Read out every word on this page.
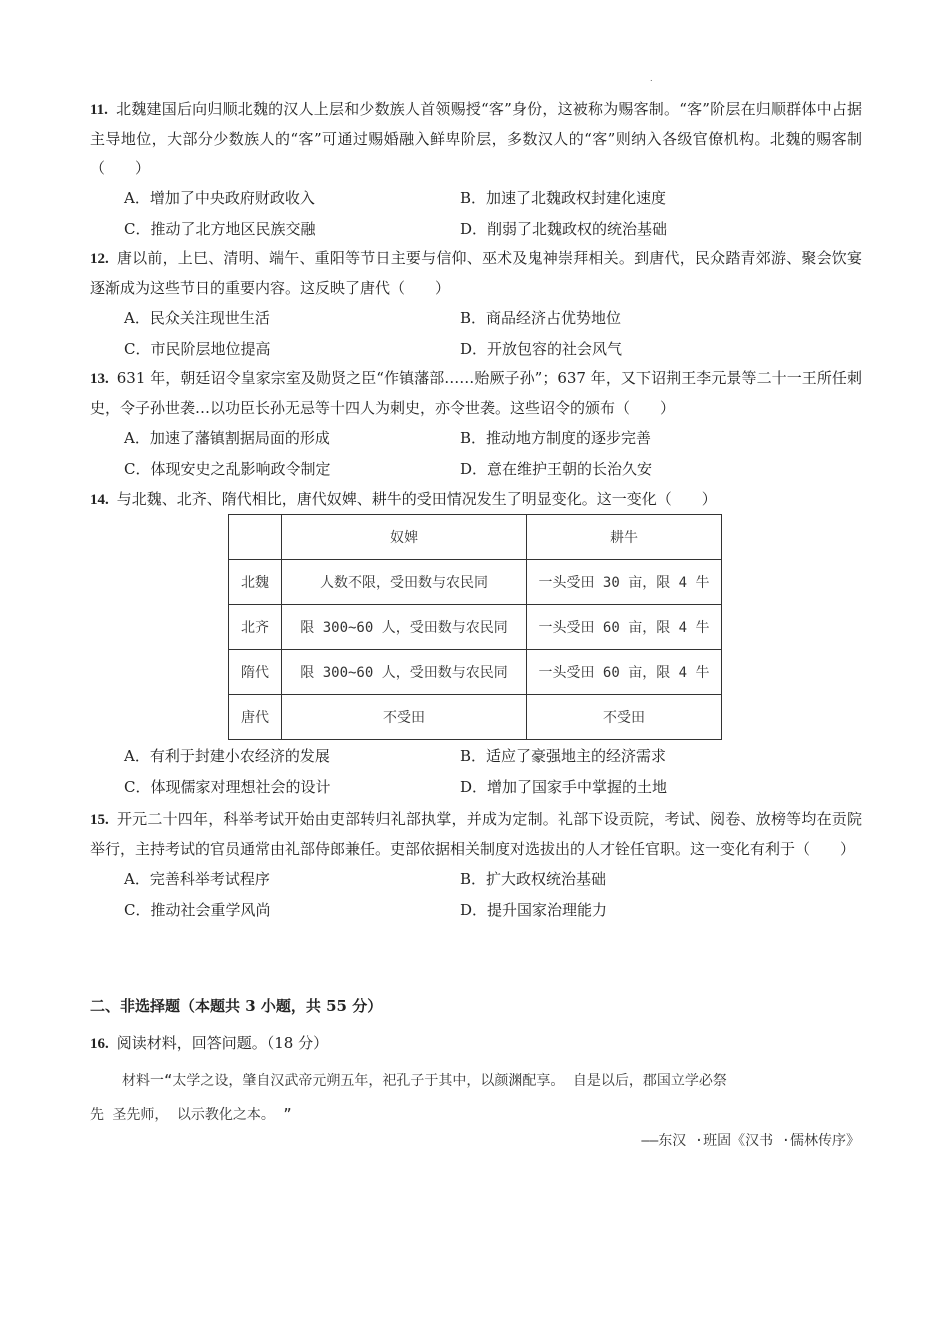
.
11. 北魏建国后向归顺北魏的汉人上层和少数族人首领赐授“客”身份，这被称为赐客制。“客”阶层在归顺群体中占据主导地位，大部分少数族人的“客”可通过赐婚融入鲜卑阶层，多数汉人的“客”则纳入各级官僚机构。北魏的赐客制（　　）
A．增加了中央政府财政收入	B．加速了北魏政权封建化速度
C．推动了北方地区民族交融	D．削弱了北魏政权的统治基础
12. 唐以前，上巳、清明、端午、重阳等节日主要与信仰、巫术及鬼神崇拜相关。到唐代，民众踏青郊游、聚会饮宴逐渐成为这些节日的重要内容。这反映了唐代（　　）
A．民众关注现世生活	B．商品经济占优势地位
C．市民阶层地位提高	D．开放包容的社会风气
13. 631 年，朝廷诏令皇家宗室及勋贤之臣“作镇藩部……贻厥子孙”；637 年，又下诏荆王李元景等二十一王所任刺史，令子孙世袭…以功臣长孙无忌等十四人为刺史，亦令世袭。这些诏令的颁布（　　）
A．加速了藩镇割据局面的形成	B．推动地方制度的逐步完善
C．体现安史之乱影响政令制定	D．意在维护王朝的长治久安
14. 与北魏、北齐、隋代相比，唐代奴婢、耕牛的受田情况发生了明显变化。这一变化（　　）
	奴婢	耕牛
北魏	人数不限，受田数与农民同	一头受田 30 亩，限 4 牛
北齐	限 300~60 人，受田数与农民同	一头受田 60 亩，限 4 牛
隋代	限 300~60 人，受田数与农民同	一头受田 60 亩，限 4 牛
唐代	不受田	不受田
A．有利于封建小农经济的发展	B．适应了豪强地主的经济需求
C．体现儒家对理想社会的设计	D．增加了国家手中掌握的土地
15. 开元二十四年，科举考试开始由吏部转归礼部执掌，并成为定制。礼部下设贡院，考试、阅卷、放榜等均在贡院举行，主持考试的官员通常由礼部侍郎兼任。吏部依据相关制度对选拔出的人才铨任官职。这一变化有利于（　　）
A．完善科举考试程序	B．扩大政权统治基础
C．推动社会重学风尚	D．提升国家治理能力
二、非选择题（本题共 3 小题，共 55 分）
16. 阅读材料，回答问题。（18 分）
材料一“太学之设，肇自汉武帝元朔五年，祀孔子于其中，以颜渊配享。 自是以后，郡国立学必祭
先 圣先师， 以示教化之本。 ”
——东汉 ·班固《汉书 ·儒林传序》
